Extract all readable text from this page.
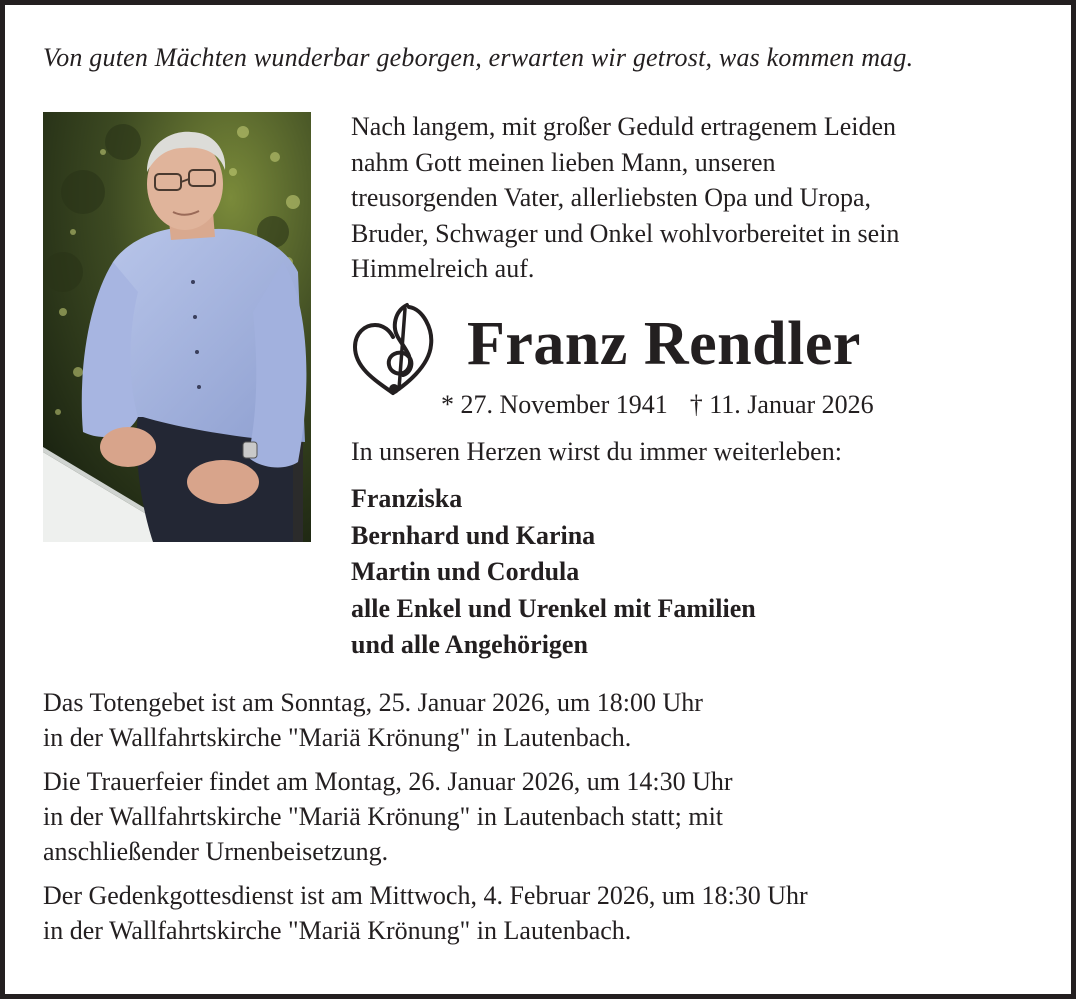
Von guten Mächten wunderbar geborgen, erwarten wir getrost, was kommen mag.
Nach langem, mit großer Geduld ertragenem Leiden
nahm Gott meinen lieben Mann, unseren
treusorgenden Vater, allerliebsten Opa und Uropa,
Bruder, Schwager und Onkel wohlvorbereitet in sein
Himmelreich auf.
Franz Rendler
* 27. November 1941 † 11. Januar 2026
In unseren Herzen wirst du immer weiterleben:
Franziska
Bernhard und Karina
Martin und Cordula
alle Enkel und Urenkel mit Familien
und alle Angehörigen

Das Totengebet ist am Sonntag, 25. Januar 2026, um 18:00 Uhr
in der Wallfahrtskirche "Mariä Krönung" in Lautenbach.

Die Trauerfeier findet am Montag, 26. Januar 2026, um 14:30 Uhr
in der Wallfahrtskirche "Mariä Krönung" in Lautenbach statt; mit
anschließender Urnenbeisetzung.

Der Gedenkgottesdienst ist am Mittwoch, 4. Februar 2026, um 18:30 Uhr
in der Wallfahrtskirche "Mariä Krönung" in Lautenbach.
